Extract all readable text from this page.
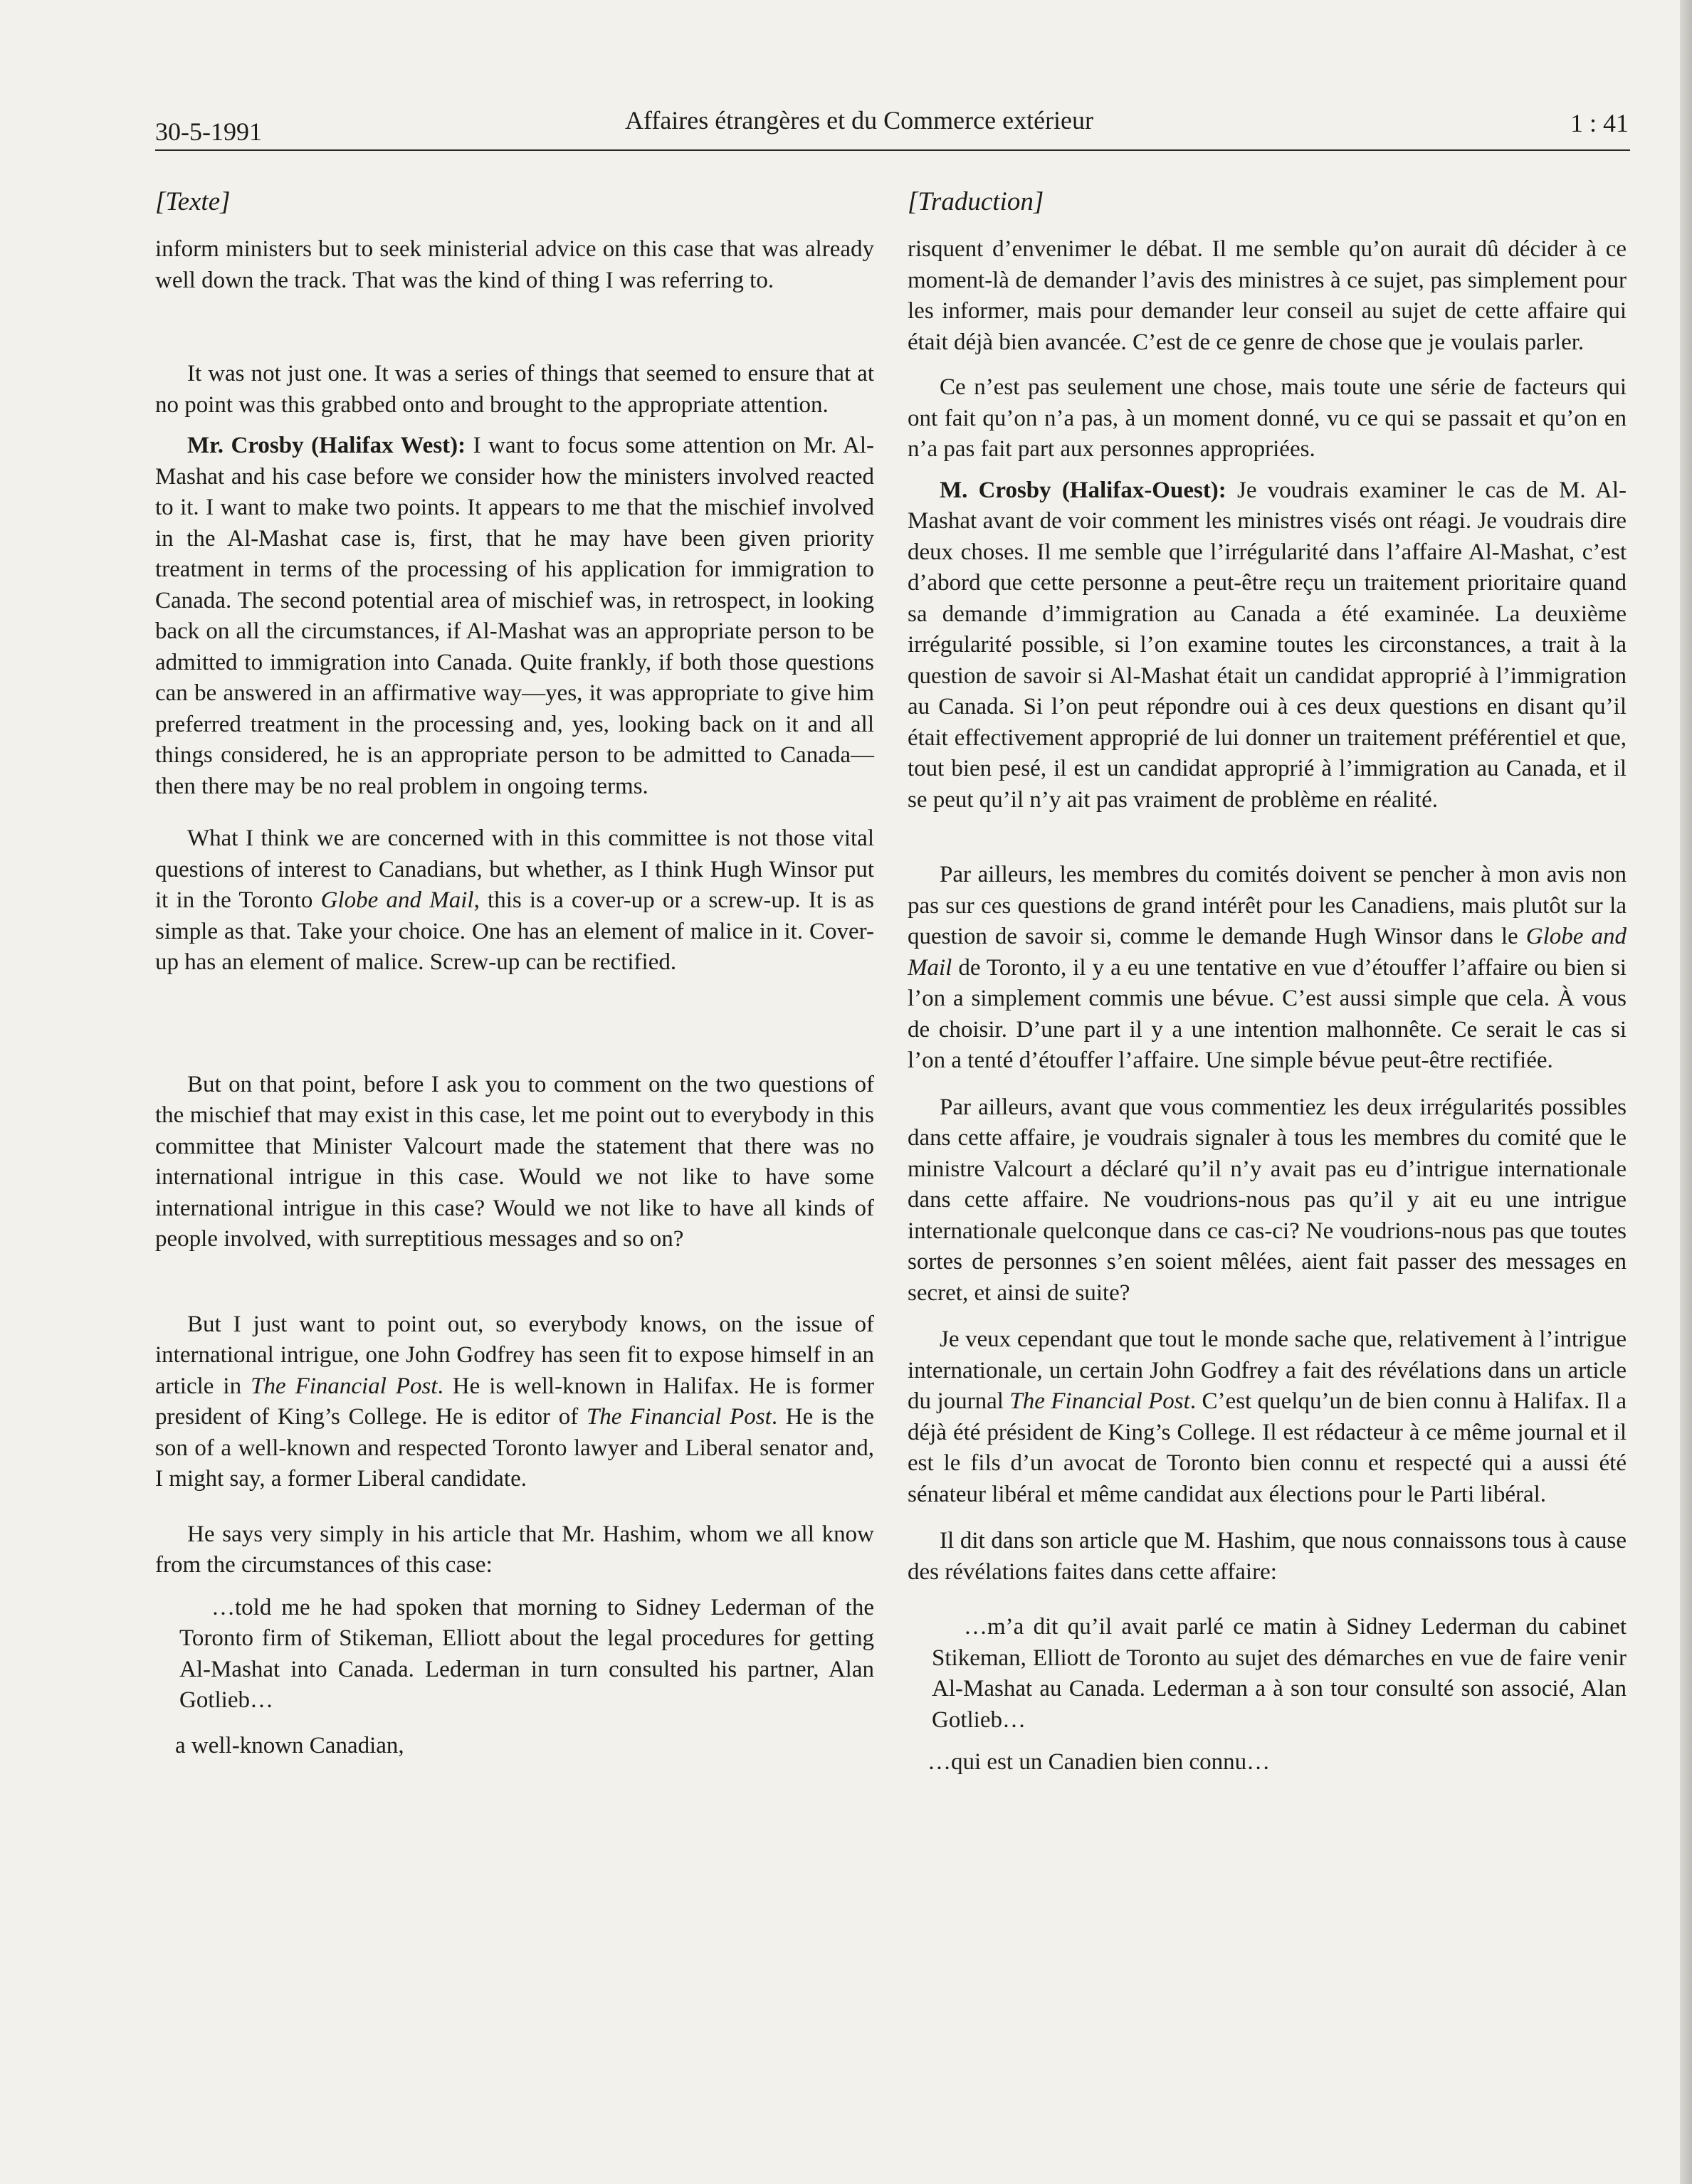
30-5-1991	Affaires étrangères et du Commerce extérieur	1 : 41
[Texte]

inform ministers but to seek ministerial advice on this case that was already well down the track. That was the kind of thing I was referring to.

It was not just one. It was a series of things that seemed to ensure that at no point was this grabbed onto and brought to the appropriate attention.

Mr. Crosby (Halifax West): I want to focus some attention on Mr. Al-Mashat and his case before we consider how the ministers involved reacted to it. I want to make two points. It appears to me that the mischief involved in the Al-Mashat case is, first, that he may have been given priority treatment in terms of the processing of his application for immigration to Canada. The second potential area of mischief was, in retrospect, in looking back on all the circumstances, if Al-Mashat was an appropriate person to be admitted to immigration into Canada. Quite frankly, if both those questions can be answered in an affirmative way—yes, it was appropriate to give him preferred treatment in the processing and, yes, looking back on it and all things considered, he is an appropriate person to be admitted to Canada—then there may be no real problem in ongoing terms.

What I think we are concerned with in this committee is not those vital questions of interest to Canadians, but whether, as I think Hugh Winsor put it in the Toronto Globe and Mail, this is a cover-up or a screw-up. It is as simple as that. Take your choice. One has an element of malice in it. Cover-up has an element of malice. Screw-up can be rectified.

But on that point, before I ask you to comment on the two questions of the mischief that may exist in this case, let me point out to everybody in this committee that Minister Valcourt made the statement that there was no international intrigue in this case. Would we not like to have some international intrigue in this case? Would we not like to have all kinds of people involved, with surreptitious messages and so on?

But I just want to point out, so everybody knows, on the issue of international intrigue, one John Godfrey has seen fit to expose himself in an article in The Financial Post. He is well-known in Halifax. He is former president of King’s College. He is editor of The Financial Post. He is the son of a well-known and respected Toronto lawyer and Liberal senator and, I might say, a former Liberal candidate.

He says very simply in his article that Mr. Hashim, whom we all know from the circumstances of this case:

…told me he had spoken that morning to Sidney Lederman of the Toronto firm of Stikeman, Elliott about the legal procedures for getting Al-Mashat into Canada. Lederman in turn consulted his partner, Alan Gotlieb…

a well-known Canadian,

[Traduction]

risquent d’envenimer le débat. Il me semble qu’on aurait dû décider à ce moment-là de demander l’avis des ministres à ce sujet, pas simplement pour les informer, mais pour demander leur conseil au sujet de cette affaire qui était déjà bien avancée. C’est de ce genre de chose que je voulais parler.

Ce n’est pas seulement une chose, mais toute une série de facteurs qui ont fait qu’on n’a pas, à un moment donné, vu ce qui se passait et qu’on en n’a pas fait part aux personnes appropriées.

M. Crosby (Halifax-Ouest): Je voudrais examiner le cas de M. Al-Mashat avant de voir comment les ministres visés ont réagi. Je voudrais dire deux choses. Il me semble que l’irrégularité dans l’affaire Al-Mashat, c’est d’abord que cette personne a peut-être reçu un traitement prioritaire quand sa demande d’immigration au Canada a été examinée. La deuxième irrégularité possible, si l’on examine toutes les circonstances, a trait à la question de savoir si Al-Mashat était un candidat approprié à l’immigration au Canada. Si l’on peut répondre oui à ces deux questions en disant qu’il était effectivement approprié de lui donner un traitement préférentiel et que, tout bien pesé, il est un candidat approprié à l’immigration au Canada, et il se peut qu’il n’y ait pas vraiment de problème en réalité.

Par ailleurs, les membres du comités doivent se pencher à mon avis non pas sur ces questions de grand intérêt pour les Canadiens, mais plutôt sur la question de savoir si, comme le demande Hugh Winsor dans le Globe and Mail de Toronto, il y a eu une tentative en vue d’étouffer l’affaire ou bien si l’on a simplement commis une bévue. C’est aussi simple que cela. À vous de choisir. D’une part il y a une intention malhonnête. Ce serait le cas si l’on a tenté d’étouffer l’affaire. Une simple bévue peut-être rectifiée.

Par ailleurs, avant que vous commentiez les deux irrégularités possibles dans cette affaire, je voudrais signaler à tous les membres du comité que le ministre Valcourt a déclaré qu’il n’y avait pas eu d’intrigue internationale dans cette affaire. Ne voudrions-nous pas qu’il y ait eu une intrigue internationale quelconque dans ce cas-ci? Ne voudrions-nous pas que toutes sortes de personnes s’en soient mêlées, aient fait passer des messages en secret, et ainsi de suite?

Je veux cependant que tout le monde sache que, relativement à l’intrigue internationale, un certain John Godfrey a fait des révélations dans un article du journal The Financial Post. C’est quelqu’un de bien connu à Halifax. Il a déjà été président de King’s College. Il est rédacteur à ce même journal et il est le fils d’un avocat de Toronto bien connu et respecté qui a aussi été sénateur libéral et même candidat aux élections pour le Parti libéral.

Il dit dans son article que M. Hashim, que nous connaissons tous à cause des révélations faites dans cette affaire:

…m’a dit qu’il avait parlé ce matin à Sidney Lederman du cabinet Stikeman, Elliott de Toronto au sujet des démarches en vue de faire venir Al-Mashat au Canada. Lederman a à son tour consulté son associé, Alan Gotlieb…

…qui est un Canadien bien connu…
